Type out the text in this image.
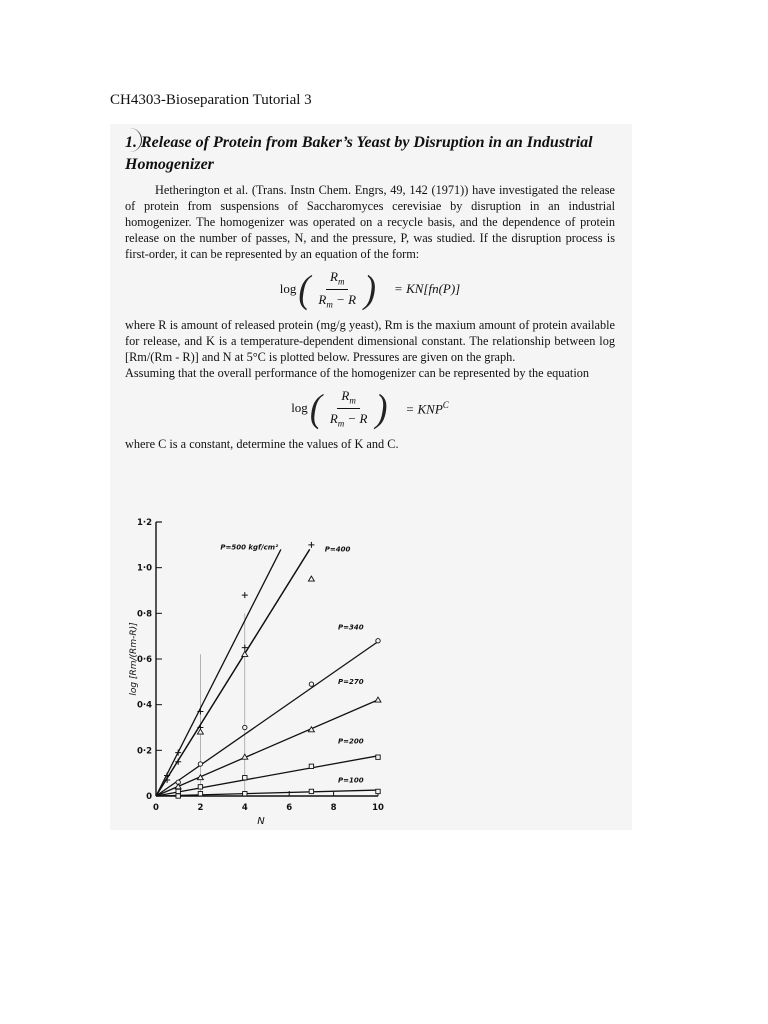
CH4303-Bioseparation Tutorial 3
1. Release of Protein from Baker’s Yeast by Disruption in an Industrial Homogenizer

Hetherington et al. (Trans. Instn Chem. Engrs, 49, 142 (1971)) have investigated the release of protein from suspensions of Saccharomyces cerevisiae by disruption in an industrial homogenizer. The homogenizer was operated on a recycle basis, and the dependence of protein release on the number of passes, N, and the pressure, P, was studied. If the disruption process is first-order, it can be represented by an equation of the form:

log ( $\frac{R_m}{R_m - R}$ ) = KN[fn(P)]

where R is amount of released protein (mg/g yeast), Rm is the maxium amount of protein available for release, and K is a temperature-dependent dimensional constant. The relationship between log [Rm/(Rm - R)] and N at 5°C is plotted below. Pressures are given on the graph.

Assuming that the overall performance of the homogenizer can be represented by the equation

log ( $\frac{R_m}{R_m - R}$ ) = $KNP^C$

where C is a constant, determine the values of K and C.

0	2	4	6	8	10
0
0·2
0·4
0·6
0·8
1·0
1·2
N
log [Rm/(Rm-R)]
P=500 kgf/cm²	P=400
P=340
P=270
P=200
P=100
